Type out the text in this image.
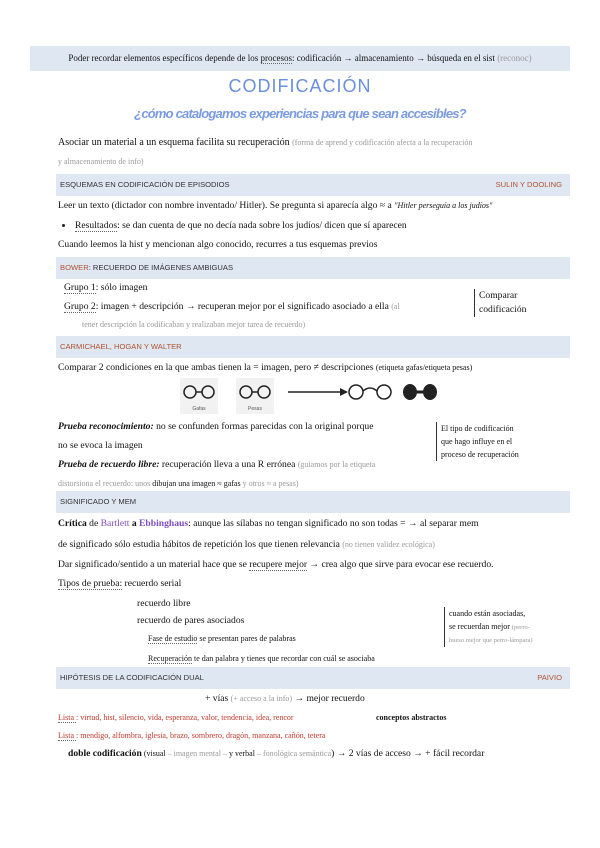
Poder recordar elementos específicos depende de los procesos: codificación → almacenamiento → búsqueda en el sist (reconoc)
CODIFICACIÓN
¿cómo catalogamos experiencias para que sean accesibles?
Asociar un material a un esquema facilita su recuperación (forma de aprend y codificación afecta a la recuperación
y almacenamiento de info)
ESQUEMAS EN CODIFICACIÓN DE EPISODIOS	SULIN Y DOOLING
Leer un texto (dictador con nombre inventado/ Hitler). Se pregunta si aparecía algo ≈ a "Hitler perseguía a los judíos"
Resultados: se dan cuenta de que no decía nada sobre los judíos/ dicen que sí aparecen
Cuando leemos la hist y mencionan algo conocido, recurres a tus esquemas previos
BOWER: RECUERDO DE IMÁGENES AMBIGUAS
Grupo 1: sólo imagen
Grupo 2: imagen + descripción → recuperan mejor por el significado asociado a ella (al
tener descripción la codificaban y realizaban mejor tarea de recuerdo)
Comparar
codificación
CARMICHAEL, HOGAN Y WALTER
Comparar 2 condiciones en la que ambas tienen la = imagen, pero ≠ descripciones (etiqueta gafas/etiqueta pesas)
Gafas	Pesas
Prueba reconocimiento: no se confunden formas parecidas con la original porque
no se evoca la imagen
Prueba de recuerdo libre: recuperación lleva a una R errónea (guiamos por la etiqueta
distorsiona el recuerdo: unos dibujan una imagen ≈ gafas y otros ≈ a pesas)
El tipo de codificación
que hago influye en el
proceso de recuperación
SIGNIFICADO Y MEM
Crítica de Bartlett a Ebbinghaus: aunque las sílabas no tengan significado no son todas = → al separar mem
de significado sólo estudia hábitos de repetición los que tienen relevancia (no tienen validez ecológica)
Dar significado/sentido a un material hace que se recupere mejor → crea algo que sirve para evocar ese recuerdo.
Tipos de prueba: recuerdo serial
recuerdo libre
recuerdo de pares asociados
Fase de estudio se presentan pares de palabras
Recuperación te dan palabra y tienes que recordar con cuál se asociaba
cuando están asociadas,
se recuerdan mejor (perro-
hueso mejor que perro-lámpara)
HIPÓTESIS DE LA CODIFICACIÓN DUAL	PAIVIO
+ vías (+ acceso a la info) → mejor recuerdo
Lista : virtud, hist, silencio, vida, esperanza, valor, tendencia, idea, rencor	conceptos abstractos
Lista : mendigo, alfombra, iglesia, brazo, sombrero, dragón, manzana, cañón, tetera
doble codificación (visual – imagen mental – y verbal – fonológica semántica) → 2 vías de acceso → + fácil recordar
